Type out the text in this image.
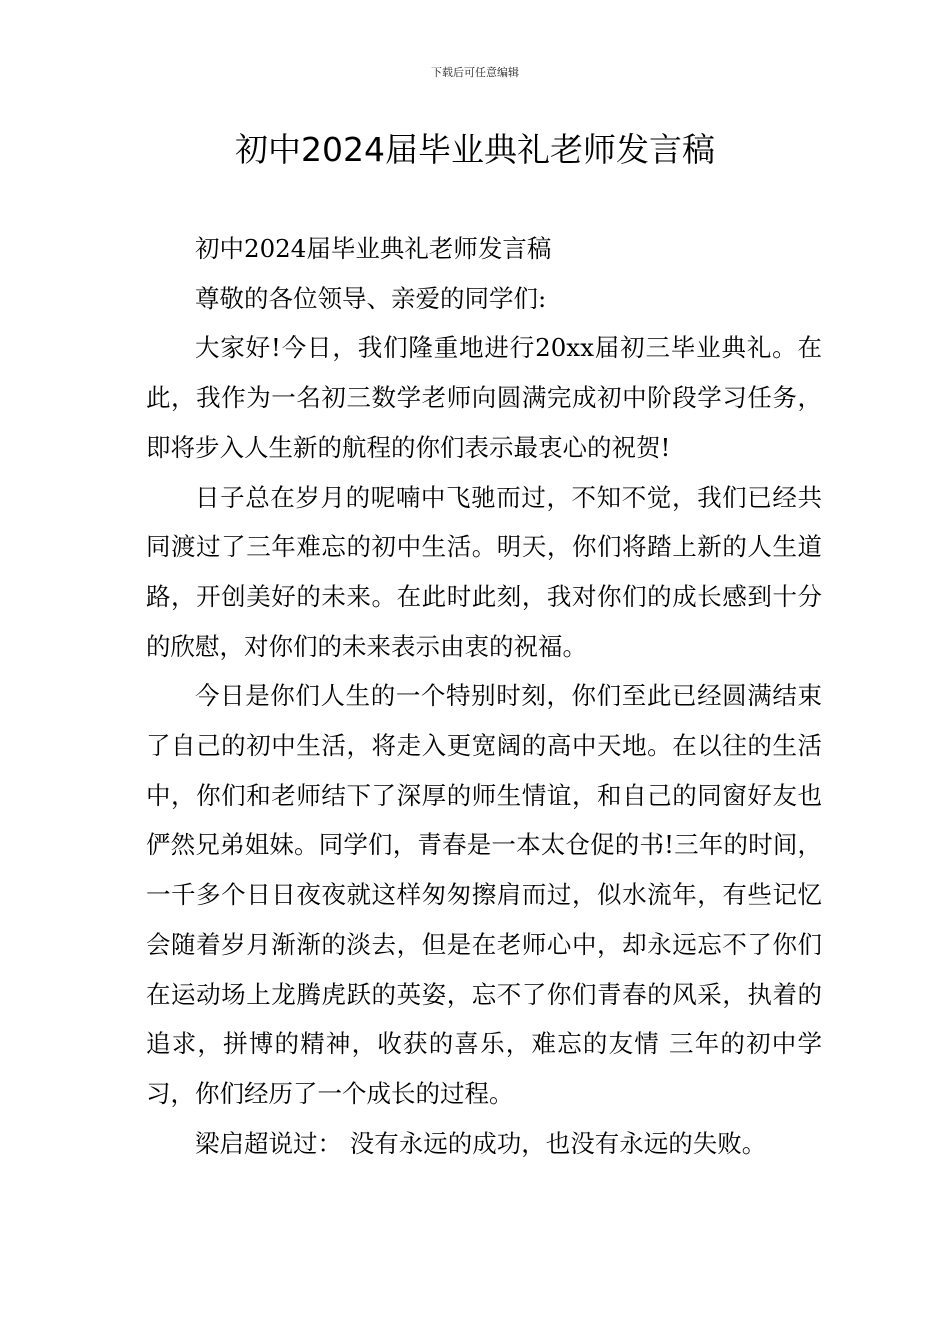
下载后可任意编辑
初中2024届毕业典礼老师发言稿

初中2024届毕业典礼老师发言稿

尊敬的各位领导、亲爱的同学们:

大家好!今日，我们隆重地进行20xx届初三毕业典礼。在此，我作为一名初三数学老师向圆满完成初中阶段学习任务，即将步入人生新的航程的你们表示最衷心的祝贺!

日子总在岁月的呢喃中飞驰而过，不知不觉，我们已经共同渡过了三年难忘的初中生活。明天，你们将踏上新的人生道路，开创美好的未来。在此时此刻，我对你们的成长感到十分的欣慰，对你们的未来表示由衷的祝福。

今日是你们人生的一个特别时刻，你们至此已经圆满结束了自己的初中生活，将走入更宽阔的高中天地。在以往的生活中，你们和老师结下了深厚的师生情谊，和自己的同窗好友也俨然兄弟姐妹。同学们，青春是一本太仓促的书!三年的时间，一千多个日日夜夜就这样匆匆擦肩而过，似水流年，有些记忆会随着岁月渐渐的淡去，但是在老师心中，却永远忘不了你们在运动场上龙腾虎跃的英姿，忘不了你们青春的风采，执着的追求，拼博的精神，收获的喜乐，难忘的友情 三年的初中学习，你们经历了一个成长的过程。

梁启超说过： 没有永远的成功，也没有永远的失败。
